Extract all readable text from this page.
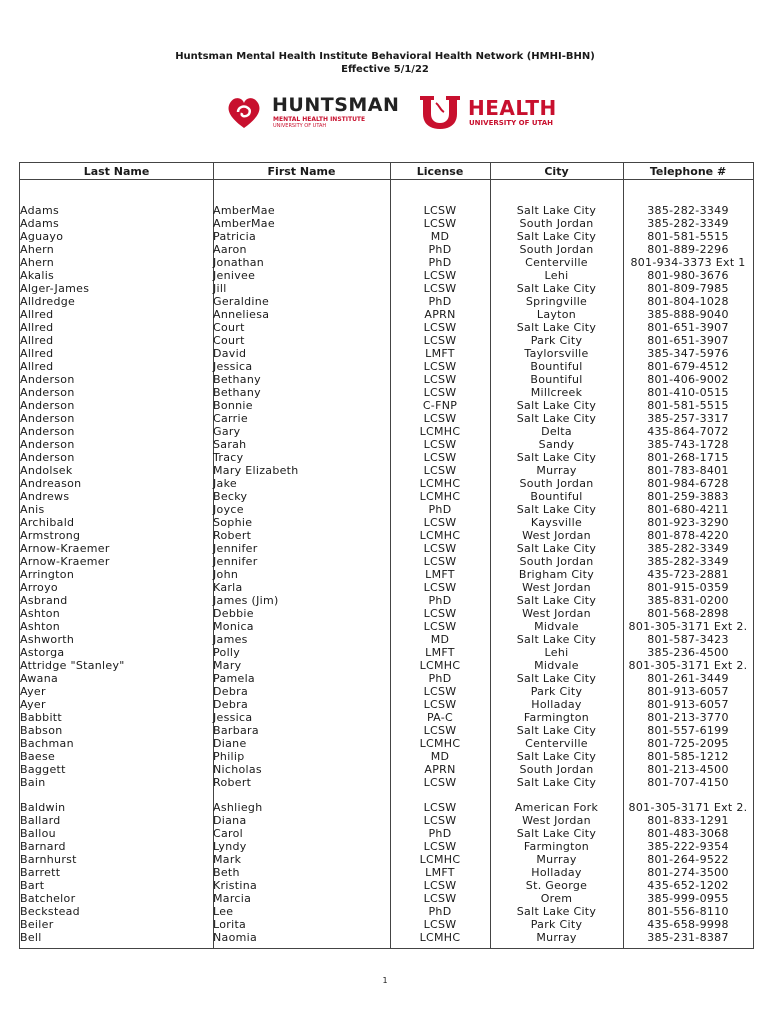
Huntsman Mental Health Institute Behavioral Health Network (HMHI-BHN)
Effective 5/1/22
HUNTSMAN
MENTAL HEALTH INSTITUTE
UNIVERSITY OF UTAH
HEALTH
UNIVERSITY OF UTAH
Last Name	First Name	License	City	Telephone #
Adams	AmberMae	LCSW	Salt Lake City	385-282-3349
Adams	AmberMae	LCSW	South Jordan	385-282-3349
Aguayo	Patricia	MD	Salt Lake City	801-581-5515
Ahern	Aaron	PhD	South Jordan	801-889-2296
Ahern	Jonathan	PhD	Centerville	801-934-3373 Ext 1
Akalis	Jenivee	LCSW	Lehi	801-980-3676
Alger-James	Jill	LCSW	Salt Lake City	801-809-7985
Alldredge	Geraldine	PhD	Springville	801-804-1028
Allred	Anneliesa	APRN	Layton	385-888-9040
Allred	Court	LCSW	Salt Lake City	801-651-3907
Allred	Court	LCSW	Park City	801-651-3907
Allred	David	LMFT	Taylorsville	385-347-5976
Allred	Jessica	LCSW	Bountiful	801-679-4512
Anderson	Bethany	LCSW	Bountiful	801-406-9002
Anderson	Bethany	LCSW	Millcreek	801-410-0515
Anderson	Bonnie	C-FNP	Salt Lake City	801-581-5515
Anderson	Carrie	LCSW	Salt Lake City	385-257-3317
Anderson	Gary	LCMHC	Delta	435-864-7072
Anderson	Sarah	LCSW	Sandy	385-743-1728
Anderson	Tracy	LCSW	Salt Lake City	801-268-1715
Andolsek	Mary Elizabeth	LCSW	Murray	801-783-8401
Andreason	Jake	LCMHC	South Jordan	801-984-6728
Andrews	Becky	LCMHC	Bountiful	801-259-3883
Anis	Joyce	PhD	Salt Lake City	801-680-4211
Archibald	Sophie	LCSW	Kaysville	801-923-3290
Armstrong	Robert	LCMHC	West Jordan	801-878-4220
Arnow-Kraemer	Jennifer	LCSW	Salt Lake City	385-282-3349
Arnow-Kraemer	Jennifer	LCSW	South Jordan	385-282-3349
Arrington	John	LMFT	Brigham City	435-723-2881
Arroyo	Karla	LCSW	West Jordan	801-915-0359
Asbrand	James (Jim)	PhD	Salt Lake City	385-831-0200
Ashton	Debbie	LCSW	West Jordan	801-568-2898
Ashton	Monica	LCSW	Midvale	801-305-3171 Ext 2.
Ashworth	James	MD	Salt Lake City	801-587-3423
Astorga	Polly	LMFT	Lehi	385-236-4500
Attridge "Stanley"	Mary	LCMHC	Midvale	801-305-3171 Ext 2.
Awana	Pamela	PhD	Salt Lake City	801-261-3449
Ayer	Debra	LCSW	Park City	801-913-6057
Ayer	Debra	LCSW	Holladay	801-913-6057
Babbitt	Jessica	PA-C	Farmington	801-213-3770
Babson	Barbara	LCSW	Salt Lake City	801-557-6199
Bachman	Diane	LCMHC	Centerville	801-725-2095
Baese	Philip	MD	Salt Lake City	801-585-1212
Baggett	Nicholas	APRN	South Jordan	801-213-4500
Bain	Robert	LCSW	Salt Lake City	801-707-4150
Baldwin	Ashliegh	LCSW	American Fork	801-305-3171 Ext 2.
Ballard	Diana	LCSW	West Jordan	801-833-1291
Ballou	Carol	PhD	Salt Lake City	801-483-3068
Barnard	Lyndy	LCSW	Farmington	385-222-9354
Barnhurst	Mark	LCMHC	Murray	801-264-9522
Barrett	Beth	LMFT	Holladay	801-274-3500
Bart	Kristina	LCSW	St. George	435-652-1202
Batchelor	Marcia	LCSW	Orem	385-999-0955
Beckstead	Lee	PhD	Salt Lake City	801-556-8110
Beiler	Lorita	LCSW	Park City	435-658-9998
Bell	Naomia	LCMHC	Murray	385-231-8387
1
